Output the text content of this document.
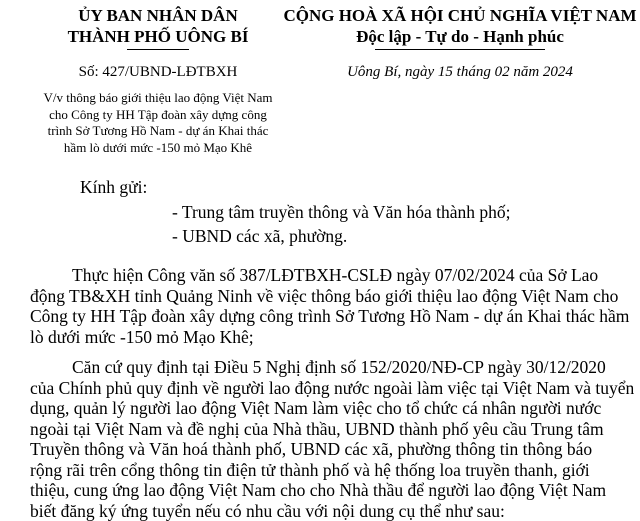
ỦY BAN NHÂN DÂN
THÀNH PHỐ UÔNG BÍ
CỘNG HOÀ XÃ HỘI CHỦ NGHĨA VIỆT NAM
Độc lập - Tự do - Hạnh phúc
Số: 427/UBND-LĐTBXH	Uông Bí, ngày 15 tháng 02 năm 2024
V/v thông báo giới thiệu lao động Việt Nam
cho Công ty HH Tập đoàn xây dựng công
trình Sở Tương Hồ Nam - dự án Khai thác
hầm lò dưới mức -150 mỏ Mạo Khê
Kính gửi:
- Trung tâm truyền thông và Văn hóa thành phố;
- UBND các xã, phường.
Thực hiện Công văn số 387/LĐTBXH-CSLĐ ngày 07/02/2024 của Sở Lao
động TB&XH tỉnh Quảng Ninh về việc thông báo giới thiệu lao động Việt Nam cho
Công ty HH Tập đoàn xây dựng công trình Sở Tương Hồ Nam - dự án Khai thác hầm
lò dưới mức -150 mỏ Mạo Khê;
Căn cứ quy định tại Điều 5 Nghị định số 152/2020/NĐ-CP ngày 30/12/2020
của Chính phủ quy định về người lao động nước ngoài làm việc tại Việt Nam và tuyển
dụng, quản lý người lao động Việt Nam làm việc cho tổ chức cá nhân người nước
ngoài tại Việt Nam và đề nghị của Nhà thầu, UBND thành phố yêu cầu Trung tâm
Truyền thông và Văn hoá thành phố, UBND các xã, phường thông tin thông báo
rộng rãi trên cổng thông tin điện tử thành phố và hệ thống loa truyền thanh, giới
thiệu, cung ứng lao động Việt Nam cho cho Nhà thầu để người lao động Việt Nam
biết đăng ký ứng tuyển nếu có nhu cầu với nội dung cụ thể như sau:
